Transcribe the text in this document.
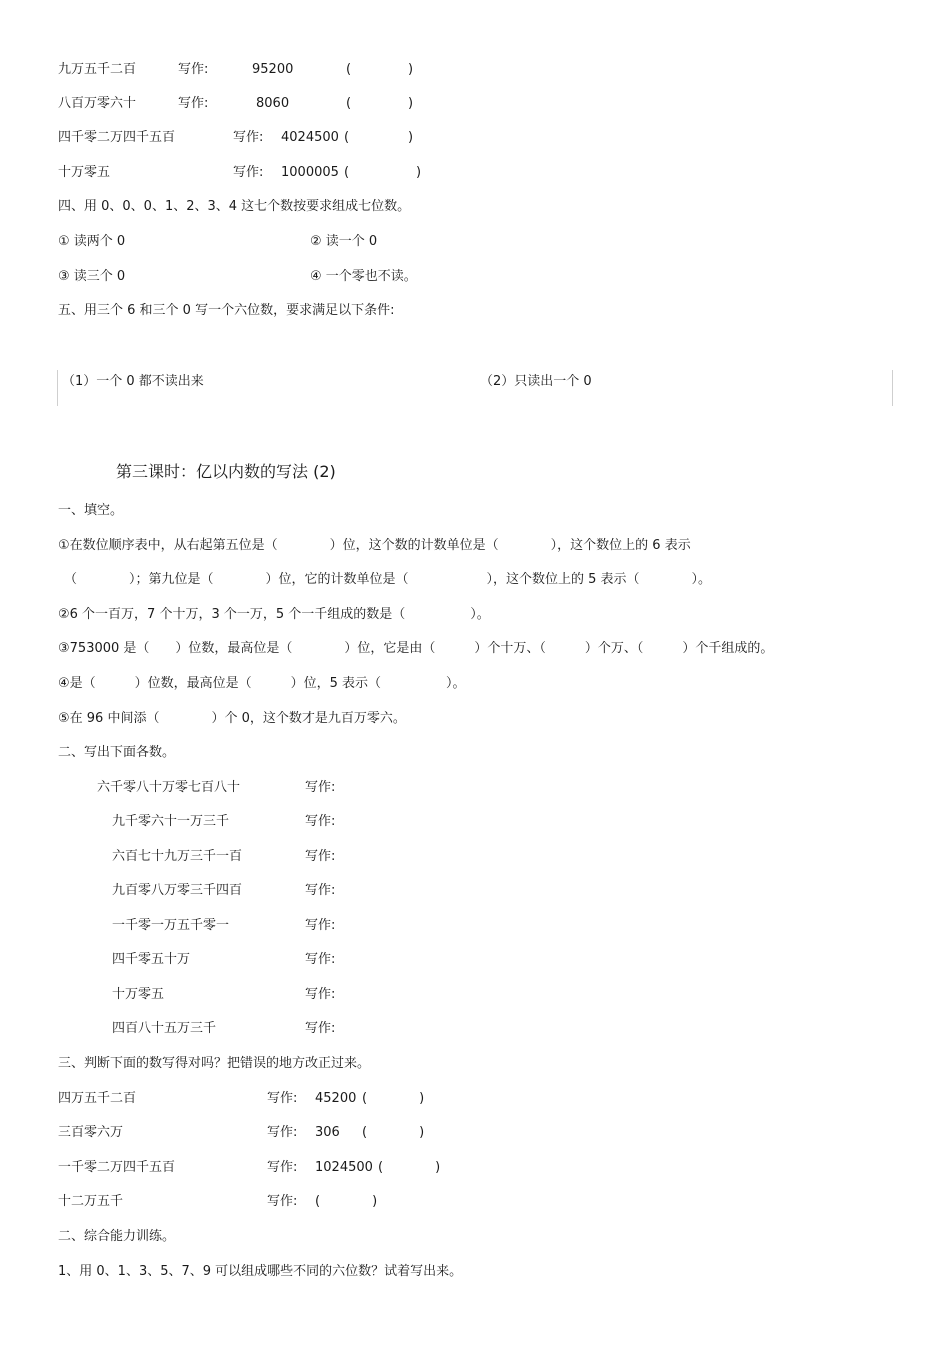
九万五千二百	写作:	95200	(	)
八百万零六十	写作:	8060	(	)
四千零二万四千五百	写作: 4024500 (	)
十万零五	写作: 1000005 (	)
四、用 0、0、0、1、2、3、4 这七个数按要求组成七位数。
① 读两个 0	② 读一个 0
③ 读三个 0	④ 一个零也不读。
五、用三个 6 和三个 0 写一个六位数，要求满足以下条件:
（1）一个 0 都不读出来	（2）只读出一个 0
第三课时：亿以内数的写法 (2)
一、填空。
①在数位顺序表中，从右起第五位是（　　　　）位，这个数的计数单位是（　　　　），这个数位上的 6 表示
（　　　　）；第九位是（　　　　）位，它的计数单位是（　　　　　　），这个数位上的 5 表示（　　　　）。
②6 个一百万，7 个十万，3 个一万，5 个一千组成的数是（　　　　　）。
③753000 是（　　）位数，最高位是（　　　　）位，它是由（　　　）个十万、（　　　）个万、（　　　）个千组成的。
④是（　　　）位数，最高位是（　　　）位，5 表示（　　　　　）。
⑤在 96 中间添（　　　　）个 0，这个数才是九百万零六。
二、写出下面各数。
六千零八十万零七百八十	写作:
九千零六十一万三千	写作:
六百七十九万三千一百	写作:
九百零八万零三千四百	写作:
一千零一万五千零一	写作:
四千零五十万	写作:
十万零五	写作:
四百八十五万三千	写作:
三、判断下面的数写得对吗？把错误的地方改正过来。
四万五千二百	写作: 45200 (　　　　)
三百零六万	写作: 306 (　　　　)
一千零二万四千五百	写作: 1024500 (　　　　)
十二万五千	写作: (　　　　)
二、综合能力训练。
1、用 0、1、3、5、7、9 可以组成哪些不同的六位数？试着写出来。
